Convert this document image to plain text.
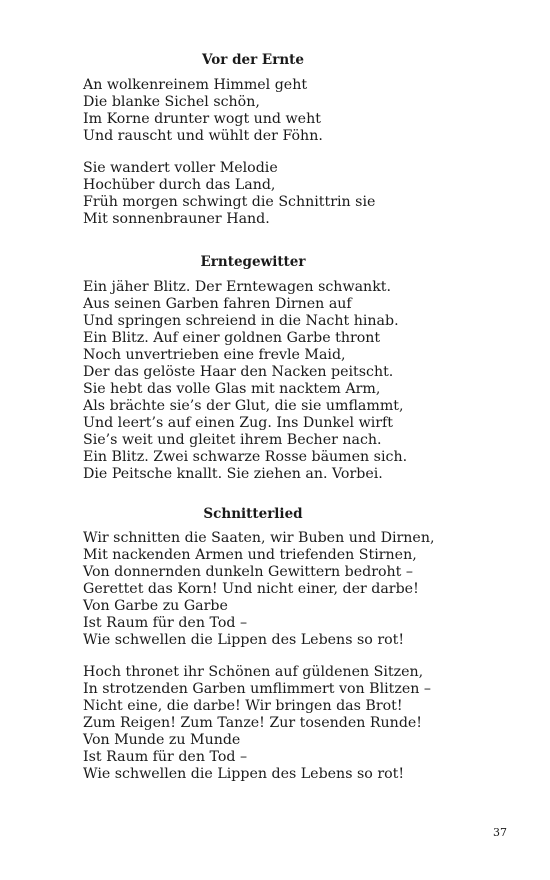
Vor der Ernte

An wolkenreinem Himmel geht
Die blanke Sichel schön,
Im Korne drunter wogt und weht
Und rauscht und wühlt der Föhn.

Sie wandert voller Melodie
Hochüber durch das Land,
Früh morgen schwingt die Schnittrin sie
Mit sonnenbrauner Hand.

Erntegewitter

Ein jäher Blitz. Der Erntewagen schwankt.
Aus seinen Garben fahren Dirnen auf
Und springen schreiend in die Nacht hinab.
Ein Blitz. Auf einer goldnen Garbe thront
Noch unvertrieben eine frevle Maid,
Der das gelöste Haar den Nacken peitscht.
Sie hebt das volle Glas mit nacktem Arm,
Als brächte sie’s der Glut, die sie umflammt,
Und leert’s auf einen Zug. Ins Dunkel wirft
Sie’s weit und gleitet ihrem Becher nach.
Ein Blitz. Zwei schwarze Rosse bäumen sich.
Die Peitsche knallt. Sie ziehen an. Vorbei.

Schnitterlied

Wir schnitten die Saaten, wir Buben und Dirnen,
Mit nackenden Armen und triefenden Stirnen,
Von donnernden dunkeln Gewittern bedroht –
Gerettet das Korn! Und nicht einer, der darbe!
Von Garbe zu Garbe
Ist Raum für den Tod –
Wie schwellen die Lippen des Lebens so rot!

Hoch thronet ihr Schönen auf güldenen Sitzen,
In strotzenden Garben umflimmert von Blitzen –
Nicht eine, die darbe! Wir bringen das Brot!
Zum Reigen! Zum Tanze! Zur tosenden Runde!
Von Munde zu Munde
Ist Raum für den Tod –
Wie schwellen die Lippen des Lebens so rot!

37
